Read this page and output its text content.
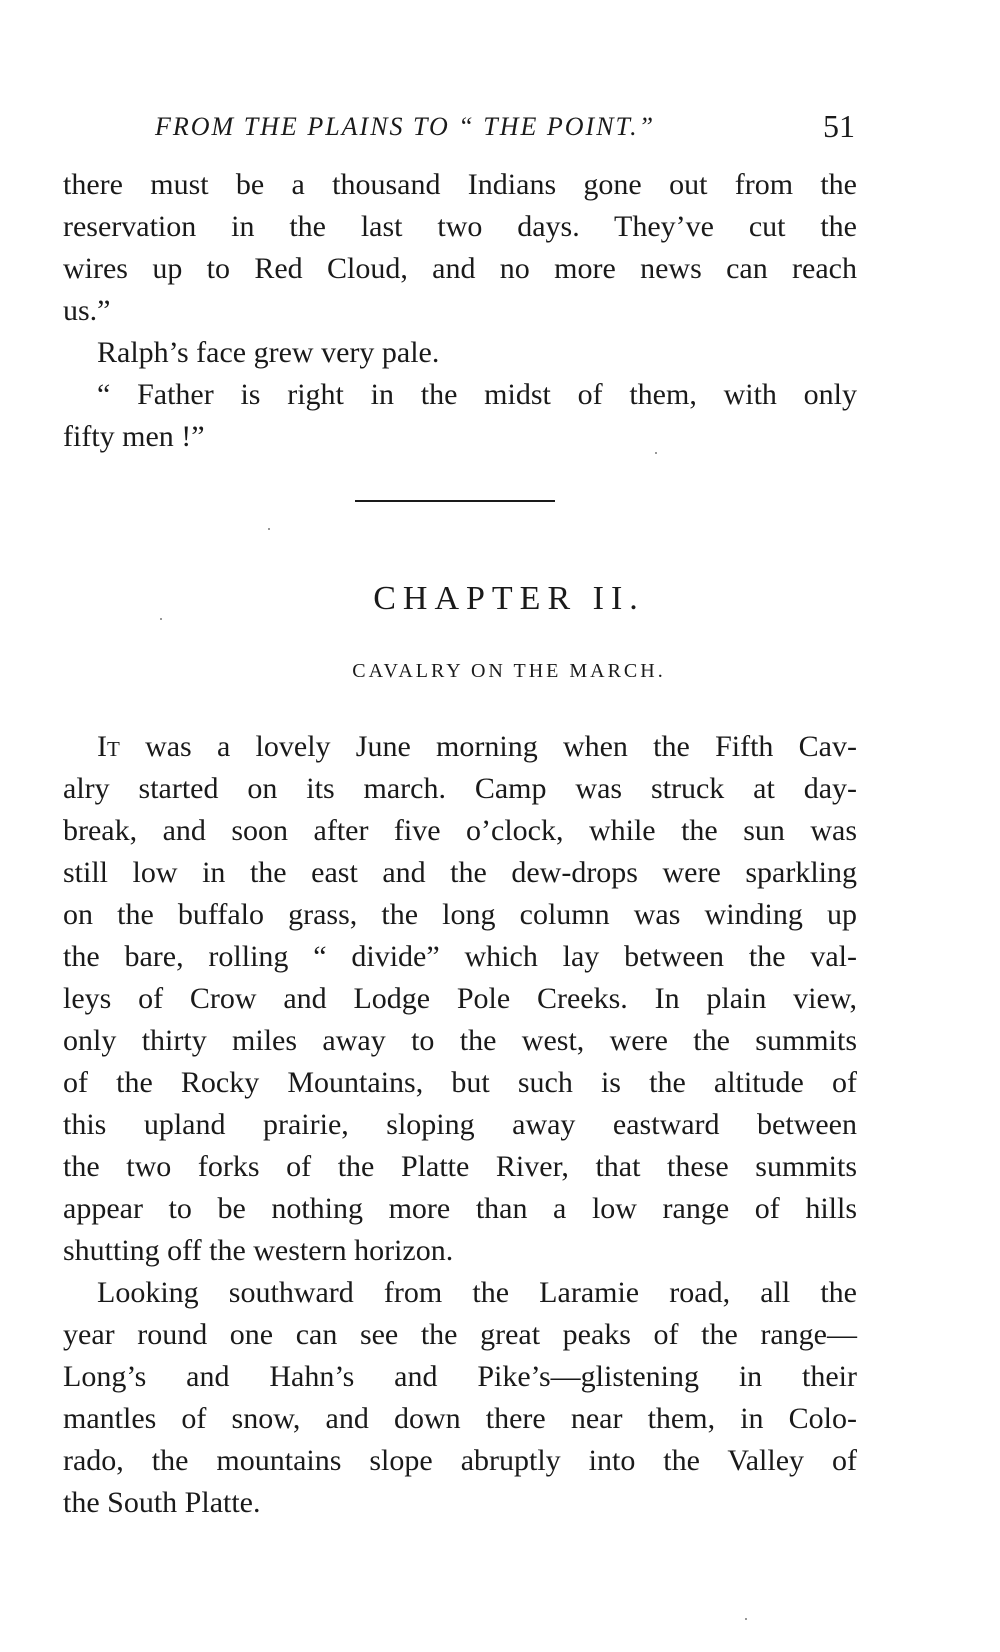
FROM THE PLAINS TO “ THE POINT.”	51
there must be a thousand Indians gone out from the
reservation in the last two days. They’ve cut the
wires up to Red Cloud, and no more news can reach
us.”
Ralph’s face grew very pale.
“ Father is right in the midst of them, with only
fifty men !”
CHAPTER II.
CAVALRY ON THE MARCH.
It was a lovely June morning when the Fifth Cav-
alry started on its march. Camp was struck at day-
break, and soon after five o’clock, while the sun was
still low in the east and the dew-drops were sparkling
on the buffalo grass, the long column was winding up
the bare, rolling “ divide” which lay between the val-
leys of Crow and Lodge Pole Creeks. In plain view,
only thirty miles away to the west, were the summits
of the Rocky Mountains, but such is the altitude of
this upland prairie, sloping away eastward between
the two forks of the Platte River, that these summits
appear to be nothing more than a low range of hills
shutting off the western horizon.
Looking southward from the Laramie road, all the
year round one can see the great peaks of the range—
Long’s and Hahn’s and Pike’s—glistening in their
mantles of snow, and down there near them, in Colo-
rado, the mountains slope abruptly into the Valley of
the South Platte.
